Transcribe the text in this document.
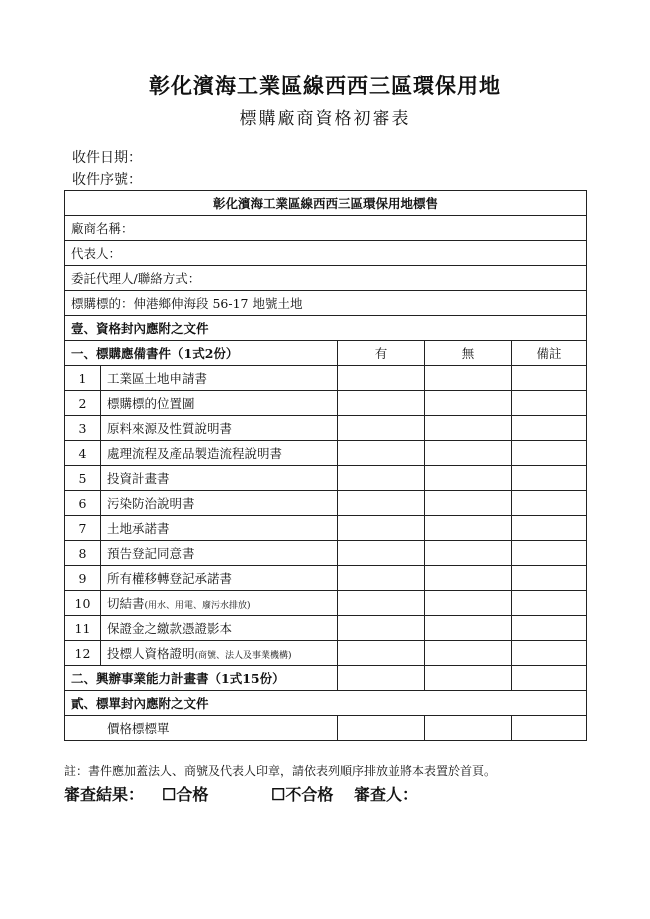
彰化濱海工業區線西西三區環保用地
標購廠商資格初審表
收件日期：
收件序號：
彰化濱海工業區線西西三區環保用地標售				
廠商名稱：				
代表人：				
委託代理人/聯絡方式：				
標購標的：伸港鄉伸海段 56-17 地號土地				
壹、資格封內應附之文件				
一、標購應備書件（1式2份）		有	無	備註
1	工業區土地申請書			
2	標購標的位置圖			
3	原料來源及性質說明書			
4	處理流程及產品製造流程說明書			
5	投資計畫書			
6	污染防治說明書			
7	土地承諾書			
8	預告登記同意書			
9	所有權移轉登記承諾書			
10	切結書(用水、用電、廢污水排放)			
11	保證金之繳款憑證影本			
12	投標人資格證明(商號、法人及事業機構)			
二、興辦事業能力計畫書（1式15份）				
貳、標單封內應附之文件				
價格標標單				
註：書件應加蓋法人、商號及代表人印章，請依表列順序排放並將本表置於首頁。
審查結果： ☐合格	☐不合格 審查人：
